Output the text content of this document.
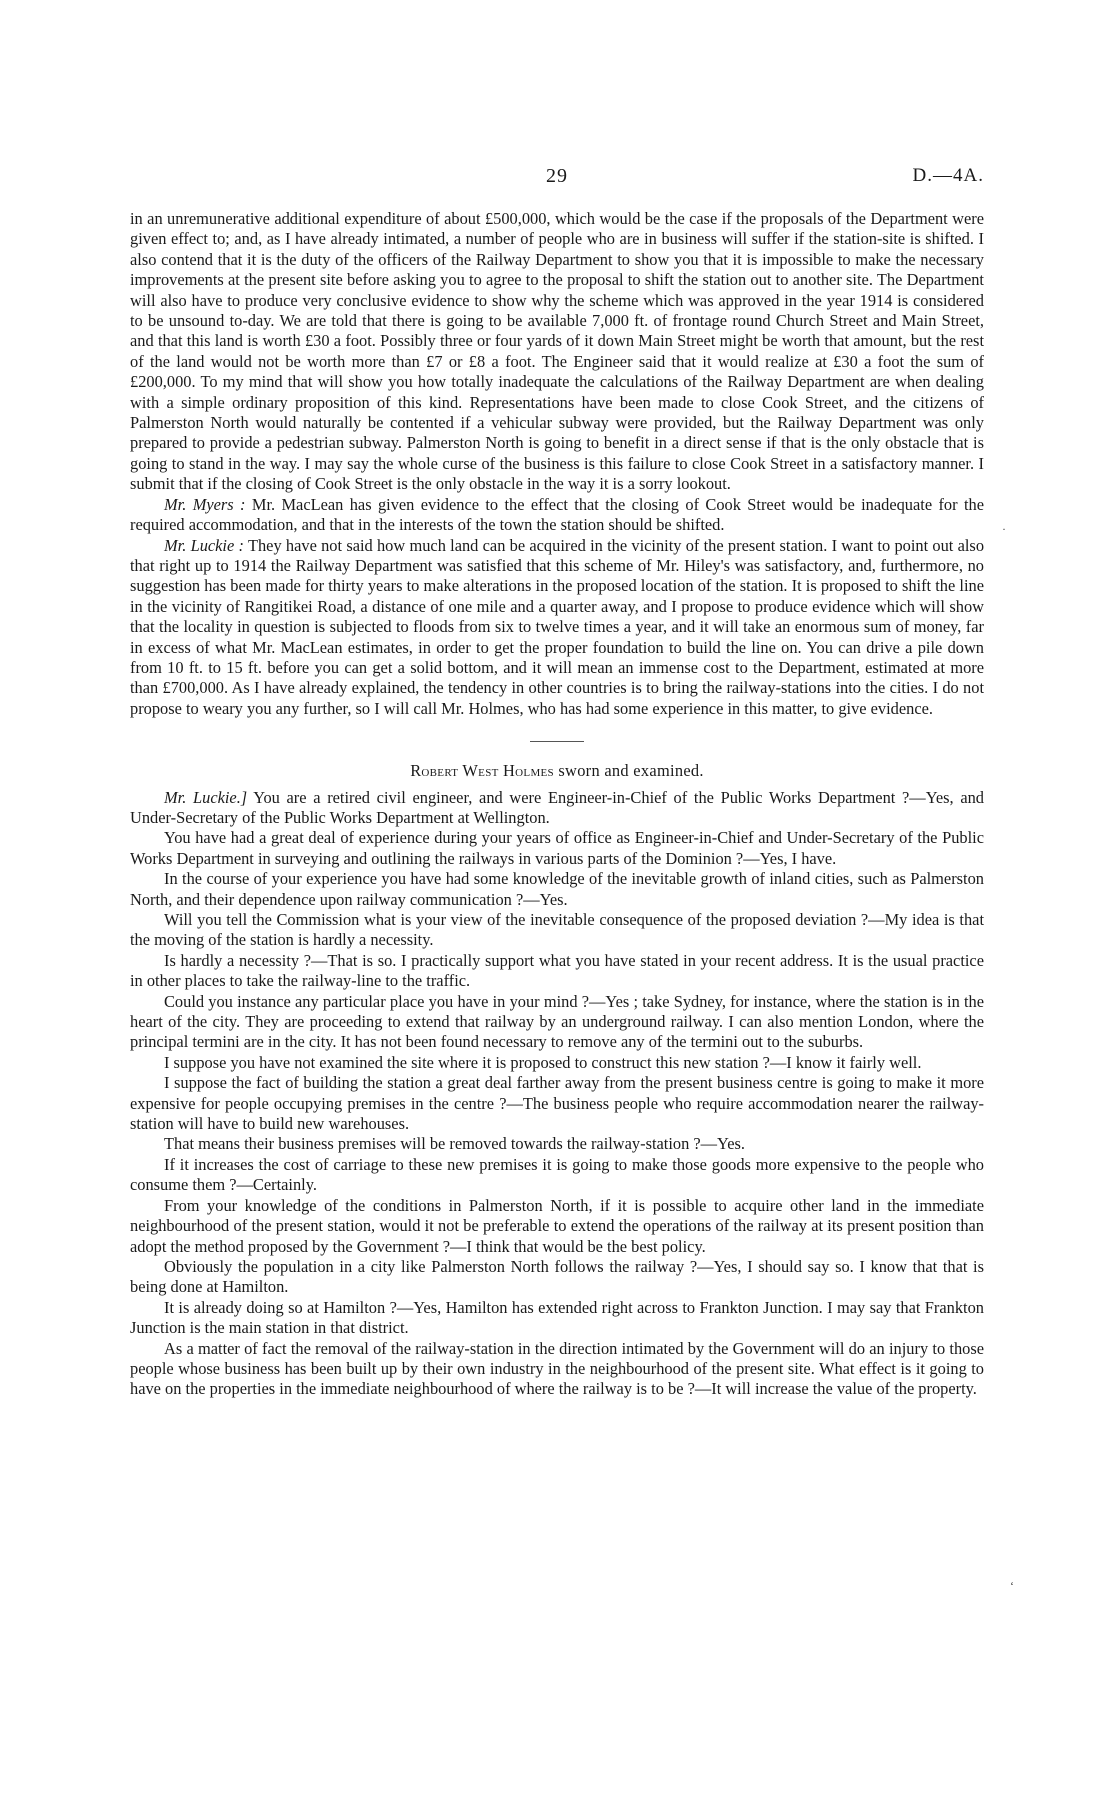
29	D.—4A.
·
‘

in an unremunerative additional expenditure of about £500,000, which would be the case if the proposals of the Department were given effect to; and, as I have already intimated, a number of people who are in business will suffer if the station-site is shifted. I also contend that it is the duty of the officers of the Railway Department to show you that it is impossible to make the necessary improvements at the present site before asking you to agree to the proposal to shift the station out to another site. The Department will also have to produce very conclusive evidence to show why the scheme which was approved in the year 1914 is considered to be unsound to-day. We are told that there is going to be available 7,000 ft. of frontage round Church Street and Main Street, and that this land is worth £30 a foot. Possibly three or four yards of it down Main Street might be worth that amount, but the rest of the land would not be worth more than £7 or £8 a foot. The Engineer said that it would realize at £30 a foot the sum of £200,000. To my mind that will show you how totally inadequate the calculations of the Railway Department are when dealing with a simple ordinary proposition of this kind. Representations have been made to close Cook Street, and the citizens of Palmerston North would naturally be contented if a vehicular subway were provided, but the Railway Department was only prepared to provide a pedestrian subway. Palmerston North is going to benefit in a direct sense if that is the only obstacle that is going to stand in the way. I may say the whole curse of the business is this failure to close Cook Street in a satisfactory manner. I submit that if the closing of Cook Street is the only obstacle in the way it is a sorry lookout.

Mr. Myers : Mr. MacLean has given evidence to the effect that the closing of Cook Street would be inadequate for the required accommodation, and that in the interests of the town the station should be shifted.

Mr. Luckie : They have not said how much land can be acquired in the vicinity of the present station. I want to point out also that right up to 1914 the Railway Department was satisfied that this scheme of Mr. Hiley's was satisfactory, and, furthermore, no suggestion has been made for thirty years to make alterations in the proposed location of the station. It is proposed to shift the line in the vicinity of Rangitikei Road, a distance of one mile and a quarter away, and I propose to produce evidence which will show that the locality in question is subjected to floods from six to twelve times a year, and it will take an enormous sum of money, far in excess of what Mr. MacLean estimates, in order to get the proper foundation to build the line on. You can drive a pile down from 10 ft. to 15 ft. before you can get a solid bottom, and it will mean an immense cost to the Department, estimated at more than £700,000. As I have already explained, the tendency in other countries is to bring the railway-stations into the cities. I do not propose to weary you any further, so I will call Mr. Holmes, who has had some experience in this matter, to give evidence.

Robert West Holmes sworn and examined.

Mr. Luckie.] You are a retired civil engineer, and were Engineer-in-Chief of the Public Works Department ?—Yes, and Under-Secretary of the Public Works Department at Wellington.

You have had a great deal of experience during your years of office as Engineer-in-Chief and Under-Secretary of the Public Works Department in surveying and outlining the railways in various parts of the Dominion ?—Yes, I have.

In the course of your experience you have had some knowledge of the inevitable growth of inland cities, such as Palmerston North, and their dependence upon railway communication ?—Yes.

Will you tell the Commission what is your view of the inevitable consequence of the proposed deviation ?—My idea is that the moving of the station is hardly a necessity.

Is hardly a necessity ?—That is so. I practically support what you have stated in your recent address. It is the usual practice in other places to take the railway-line to the traffic.

Could you instance any particular place you have in your mind ?—Yes ; take Sydney, for instance, where the station is in the heart of the city. They are proceeding to extend that railway by an underground railway. I can also mention London, where the principal termini are in the city. It has not been found necessary to remove any of the termini out to the suburbs.

I suppose you have not examined the site where it is proposed to construct this new station ?—I know it fairly well.

I suppose the fact of building the station a great deal farther away from the present business centre is going to make it more expensive for people occupying premises in the centre ?—The business people who require accommodation nearer the railway-station will have to build new warehouses.

That means their business premises will be removed towards the railway-station ?—Yes.

If it increases the cost of carriage to these new premises it is going to make those goods more expensive to the people who consume them ?—Certainly.

From your knowledge of the conditions in Palmerston North, if it is possible to acquire other land in the immediate neighbourhood of the present station, would it not be preferable to extend the operations of the railway at its present position than adopt the method proposed by the Government ?—I think that would be the best policy.

Obviously the population in a city like Palmerston North follows the railway ?—Yes, I should say so. I know that that is being done at Hamilton.

It is already doing so at Hamilton ?—Yes, Hamilton has extended right across to Frankton Junction. I may say that Frankton Junction is the main station in that district.

As a matter of fact the removal of the railway-station in the direction intimated by the Government will do an injury to those people whose business has been built up by their own industry in the neighbourhood of the present site. What effect is it going to have on the properties in the immediate neighbourhood of where the railway is to be ?—It will increase the value of the property.
